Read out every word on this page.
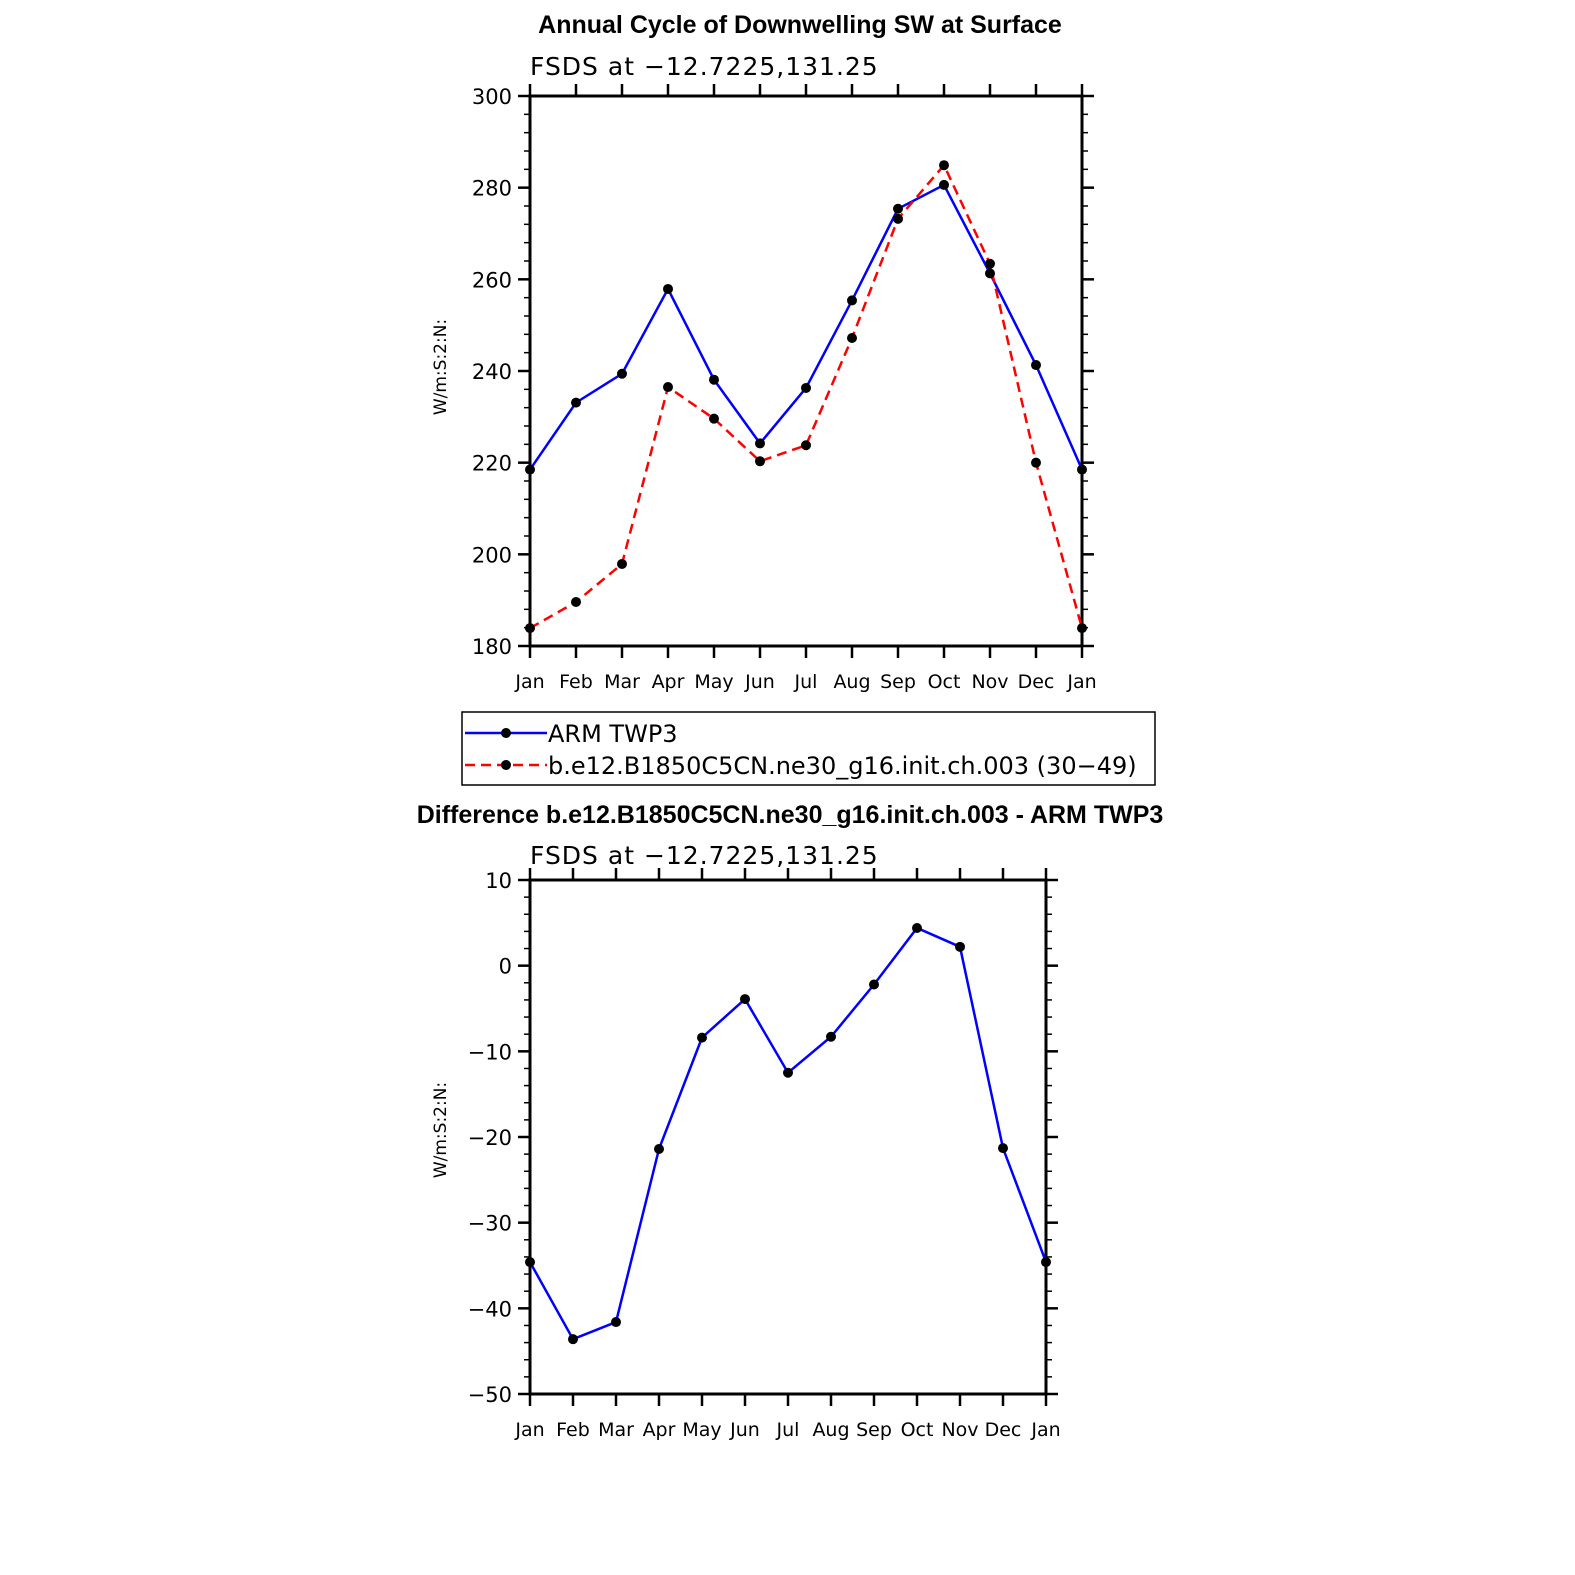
Annual Cycle of Downwelling SW at Surface
FSDS at −12.7225,131.25
W/m:S:2:N:
180
200
220
240
260
280
300
Jan Feb Mar Apr May Jun Jul Aug Sep Oct Nov Dec Jan
ARM TWP3
b.e12.B1850C5CN.ne30_g16.init.ch.003 (30−49)
Difference b.e12.B1850C5CN.ne30_g16.init.ch.003 - ARM TWP3
FSDS at −12.7225,131.25
W/m:S:2:N:
−50
−40
−30
−20
−10
0
10
Jan Feb Mar Apr May Jun Jul Aug Sep Oct Nov Dec Jan
